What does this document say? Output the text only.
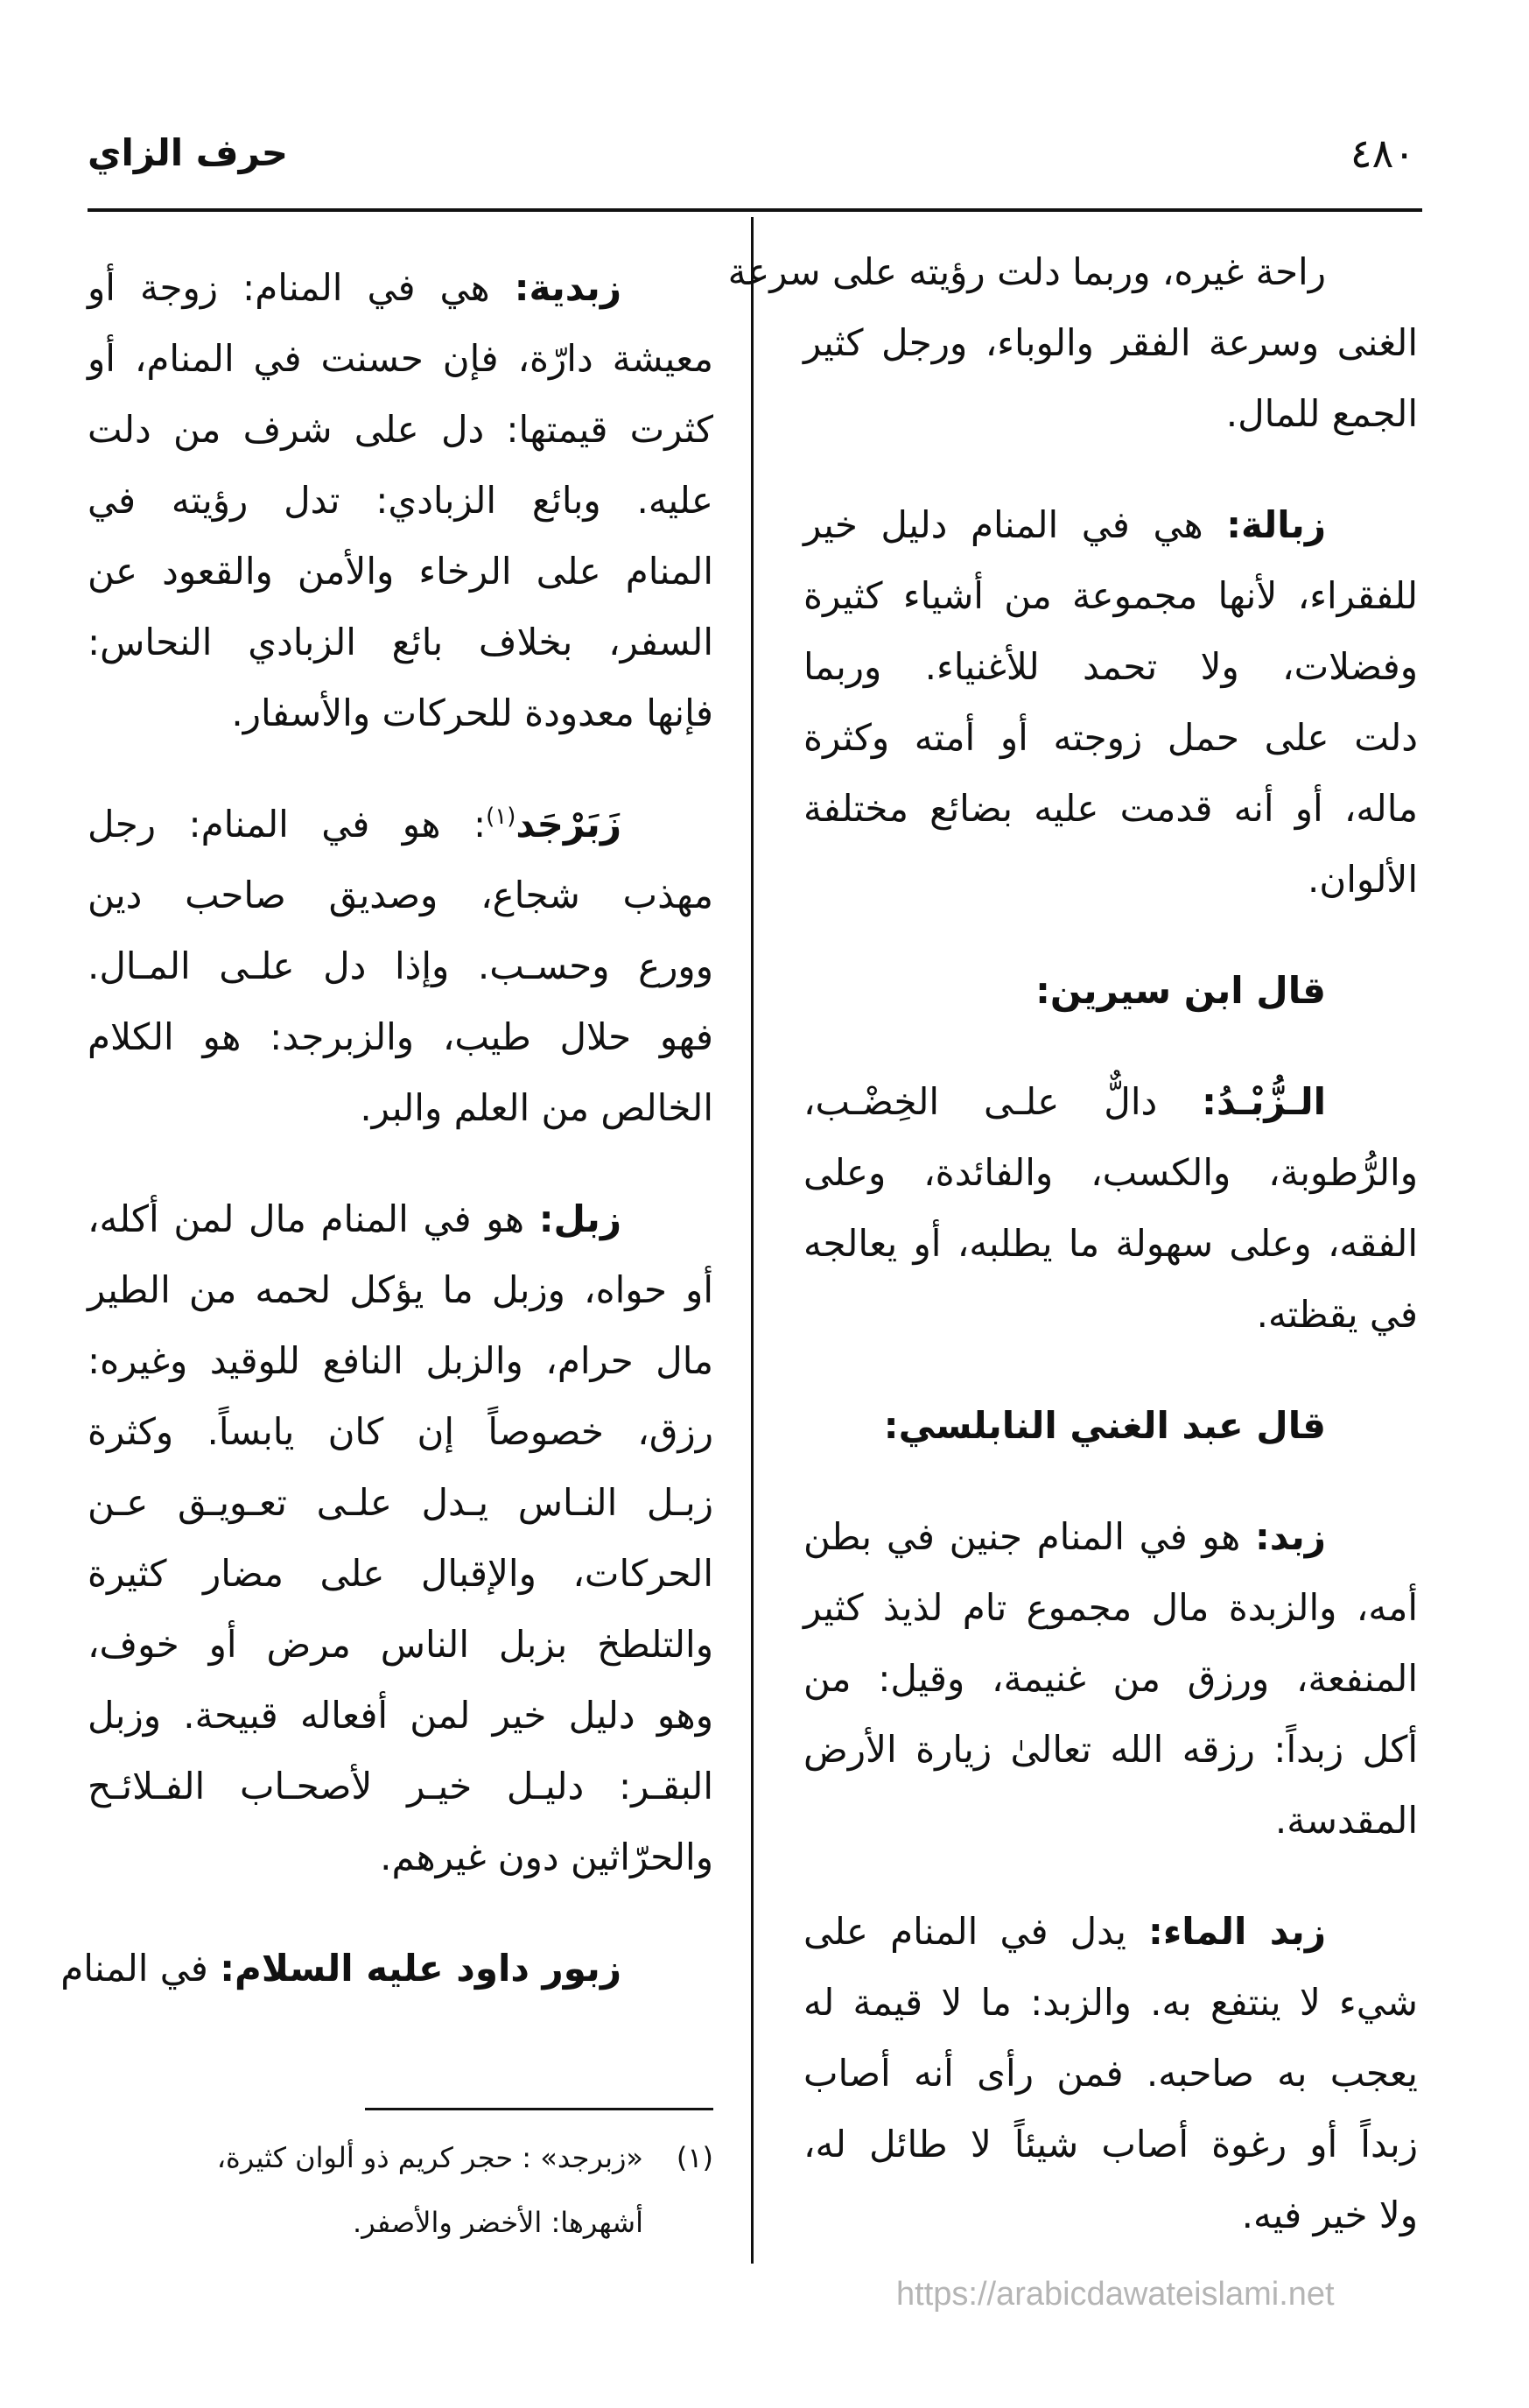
٤٨٠
حرف الزاي
راحة غيره، وربما دلت رؤيته على سرعة
الغنى وسرعة الفقر والوباء، ورجل كثير
الجمع للمال.
زبالة: هي في المنام دليل خير
للفقراء، لأنها مجموعة من أشياء كثيرة
وفضلات، ولا تحمد للأغنياء. وربما
دلت على حمل زوجته أو أمته وكثرة
ماله، أو أنه قدمت عليه بضائع مختلفة
الألوان.
قال ابن سيرين:
الـزُّبْـدُ: دالٌّ علـى الخِضْـب،
والرُّطوبة، والكسب، والفائدة، وعلى
الفقه، وعلى سهولة ما يطلبه، أو يعالجه
في يقظته.
قال عبد الغني النابلسي:
زبد: هو في المنام جنين في بطن
أمه، والزبدة مال مجموع تام لذيذ كثير
المنفعة، ورزق من غنيمة، وقيل: من
أكل زبداً: رزقه الله تعالىٰ زيارة الأرض
المقدسة.
زبد الماء: يدل في المنام على
شيء لا ينتفع به. والزبد: ما لا قيمة له
يعجب به صاحبه. فمن رأى أنه أصاب
زبداً أو رغوة أصاب شيئاً لا طائل له،
ولا خير فيه.
زبدية: هي في المنام: زوجة أو
معيشة دارّة، فإن حسنت في المنام، أو
كثرت قيمتها: دل على شرف من دلت
عليه. وبائع الزبادي: تدل رؤيته في
المنام على الرخاء والأمن والقعود عن
السفر، بخلاف بائع الزبادي النحاس:
فإنها معدودة للحركات والأسفار.
زَبَرْجَد$^{(١)}$: هو في المنام: رجل
مهذب شجاع، وصديق صاحب دين
وورع وحسـب. وإذا دل علـى المـال.
فهو حلال طيب، والزبرجد: هو الكلام
الخالص من العلم والبر.
زبل: هو في المنام مال لمن أكله،
أو حواه، وزبل ما يؤكل لحمه من الطير
مال حرام، والزبل النافع للوقيد وغيره:
رزق، خصوصاً إن كان يابساً. وكثرة
زبـل النـاس يـدل علـى تعـويـق عـن
الحركات، والإقبال على مضار كثيرة
والتلطخ بزبل الناس مرض أو خوف،
وهو دليل خير لمن أفعاله قبيحة. وزبل
البقـر: دليـل خيـر لأصحـاب الفـلائـح
والحرّاثين دون غيرهم.
زبور داود عليه السلام: في المنام
(١)«زبرجد» : حجر كريم ذو ألوان كثيرة،
أشهرها: الأخضر والأصفر.
https://arabicdawateislami.net
